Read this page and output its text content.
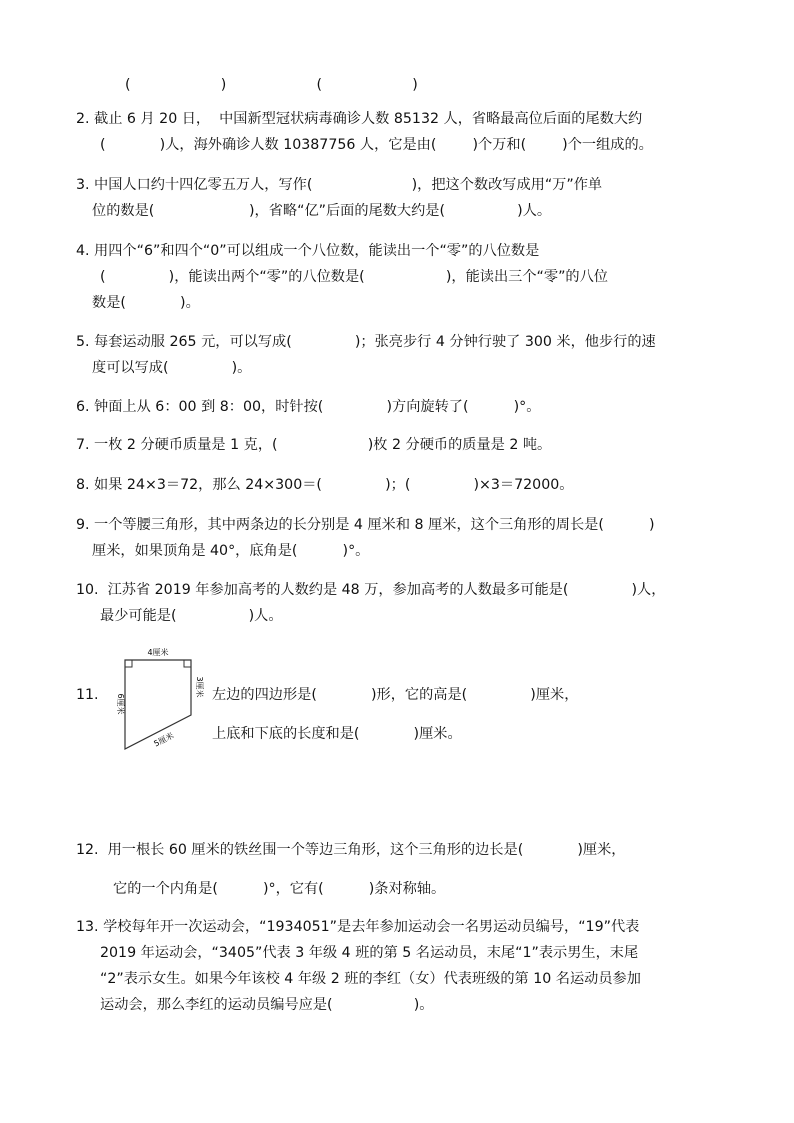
(                    )                    (                    )
2. 截止 6 月 20 日，  中国新型冠状病毒确诊人数 85132 人，省略最高位后面的尾数大约
(            )人，海外确诊人数 10387756 人，它是由(        )个万和(        )个一组成的。
3. 中国人口约十四亿零五万人，写作(                      )，把这个数改写成用“万”作单
位的数是(                     )，省略“亿”后面的尾数大约是(                )人。
4. 用四个“6”和四个“0”可以组成一个八位数，能读出一个“零”的八位数是
(              )，能读出两个“零”的八位数是(                  )，能读出三个“零”的八位
数是(            )。
5. 每套运动服 265 元，可以写成(              )；张亮步行 4 分钟行驶了 300 米，他步行的速
度可以写成(              )。
6. 钟面上从 6：00 到 8：00，时针按(              )方向旋转了(          )°。
7. 一枚 2 分硬币质量是 1 克，(                    )枚 2 分硬币的质量是 2 吨。
8. 如果 24×3＝72，那么 24×300＝(              )；(              )×3＝72000。
9. 一个等腰三角形，其中两条边的长分别是 4 厘米和 8 厘米，这个三角形的周长是(          )
厘米，如果顶角是 40°，底角是(          )°。
10.  江苏省 2019 年参加高考的人数约是 48 万，参加高考的人数最多可能是(              )人，
最少可能是(                )人。
11.
4厘米
3厘米
6厘米
5厘米
左边的四边形是(            )形，它的高是(              )厘米，
上底和下底的长度和是(            )厘米。
12.  用一根长 60 厘米的铁丝围一个等边三角形，这个三角形的边长是(            )厘米，
它的一个内角是(          )°，它有(          )条对称轴。
13. 学校每年开一次运动会，“1934051”是去年参加运动会一名男运动员编号，“19”代表
2019 年运动会，“3405”代表 3 年级 4 班的第 5 名运动员，末尾“1”表示男生，末尾
“2”表示女生。如果今年该校 4 年级 2 班的李红（女）代表班级的第 10 名运动员参加
运动会，那么李红的运动员编号应是(                  )。
